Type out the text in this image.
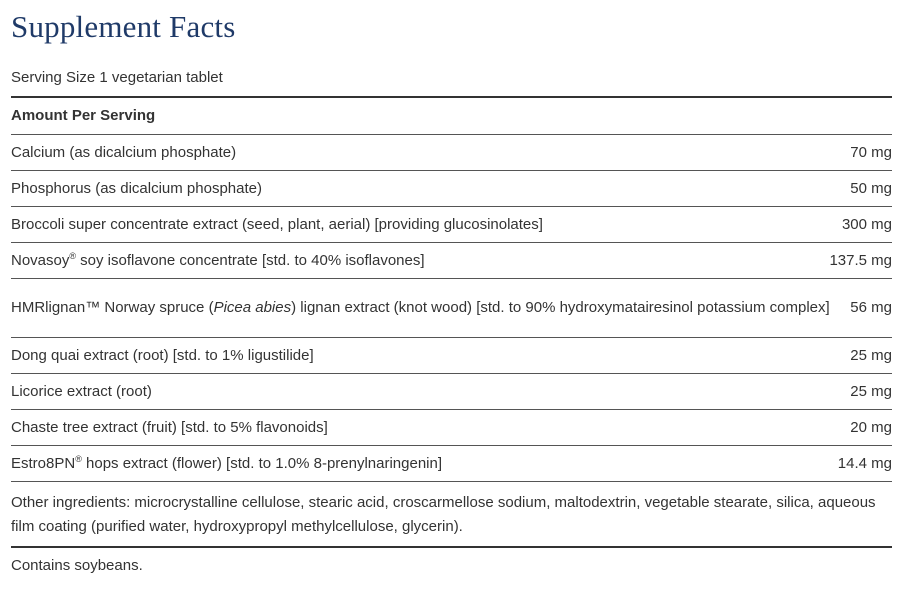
Supplement Facts
Serving Size 1 vegetarian tablet
Amount Per Serving
Calcium (as dicalcium phosphate)	70 mg
Phosphorus (as dicalcium phosphate)	50 mg
Broccoli super concentrate extract (seed, plant, aerial) [providing glucosinolates]	300 mg
Novasoy® soy isoflavone concentrate [std. to 40% isoflavones]	137.5 mg
HMRlignan™ Norway spruce (Picea abies) lignan extract (knot wood) [std. to 90% hydroxymatairesinol potassium complex]	56 mg
Dong quai extract (root) [std. to 1% ligustilide]	25 mg
Licorice extract (root)	25 mg
Chaste tree extract (fruit) [std. to 5% flavonoids]	20 mg
Estro8PN® hops extract (flower) [std. to 1.0% 8-prenylnaringenin]	14.4 mg
Other ingredients: microcrystalline cellulose, stearic acid, croscarmellose sodium, maltodextrin, vegetable stearate, silica, aqueous film coating (purified water, hydroxypropyl methylcellulose, glycerin).
Contains soybeans.
